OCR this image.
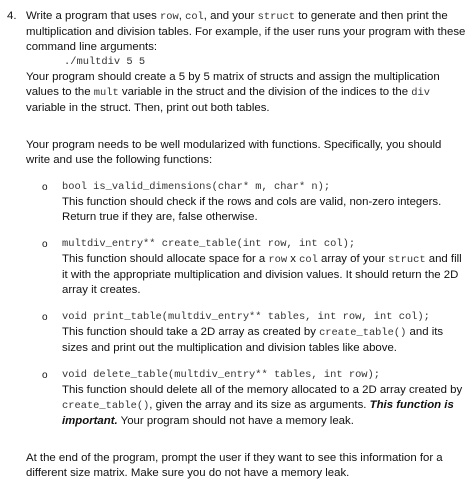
4. Write a program that uses row, col, and your struct to generate and then print the multiplication and division tables. For example, if the user runs your program with these command line arguments:

./multdiv 5 5

Your program should create a 5 by 5 matrix of structs and assign the multiplication values to the mult variable in the struct and the division of the indices to the div variable in the struct. Then, print out both tables.

Your program needs to be well modularized with functions. Specifically, you should write and use the following functions:

o bool is_valid_dimensions(char* m, char* n);
This function should check if the rows and cols are valid, non-zero integers. Return true if they are, false otherwise.
o multdiv_entry** create_table(int row, int col);
This function should allocate space for a row x col array of your struct and fill it with the appropriate multiplication and division values. It should return the 2D array it creates.
o void print_table(multdiv_entry** tables, int row, int col);
This function should take a 2D array as created by create_table() and its sizes and print out the multiplication and division tables like above.
o void delete_table(multdiv_entry** tables, int row);
This function should delete all of the memory allocated to a 2D array created by create_table(), given the array and its size as arguments. This function is important. Your program should not have a memory leak.

At the end of the program, prompt the user if they want to see this information for a different size matrix. Make sure you do not have a memory leak.
